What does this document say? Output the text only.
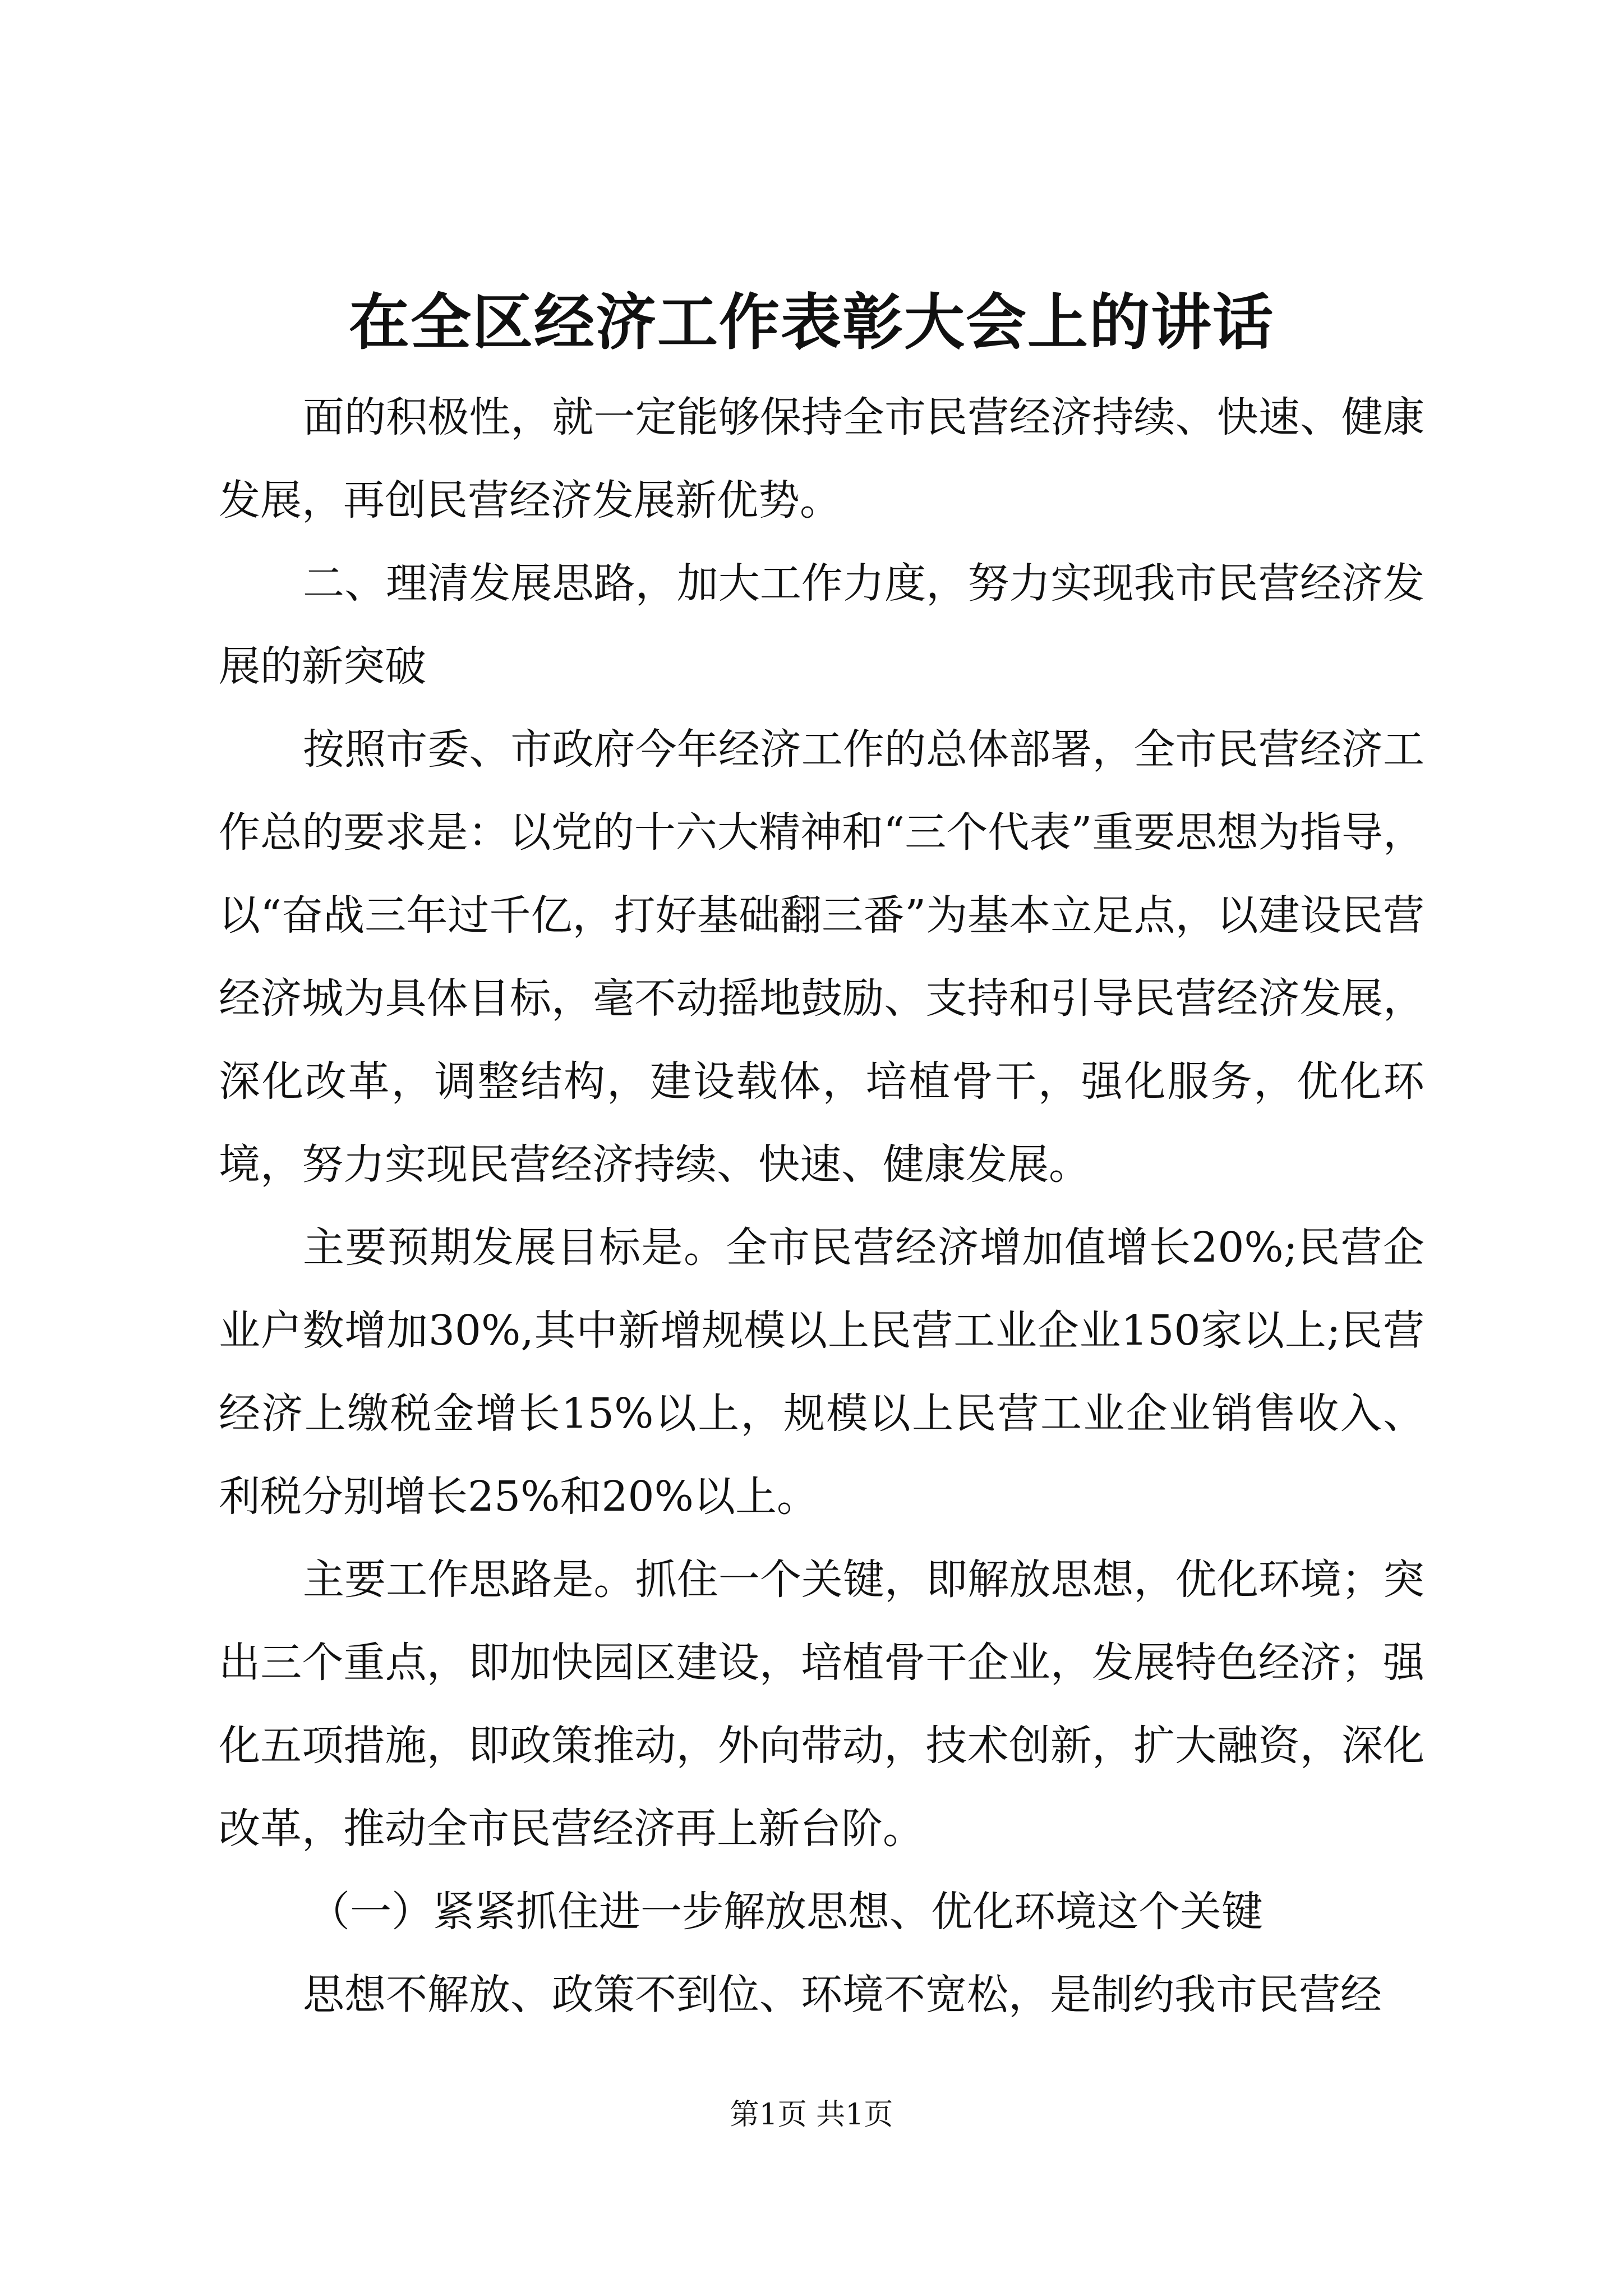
在全区经济工作表彰大会上的讲话

面的积极性，就一定能够保持全市民营经济持续、快速、健康发展，再创民营经济发展新优势。

二、理清发展思路，加大工作力度，努力实现我市民营经济发展的新突破

按照市委、市政府今年经济工作的总体部署，全市民营经济工作总的要求是：以党的十六大精神和“三个代表”重要思想为指导，以“奋战三年过千亿，打好基础翻三番”为基本立足点，以建设民营经济城为具体目标，毫不动摇地鼓励、支持和引导民营经济发展，深化改革，调整结构，建设载体，培植骨干，强化服务，优化环境，努力实现民营经济持续、快速、健康发展。

主要预期发展目标是。全市民营经济增加值增长20%;民营企业户数增加30%,其中新增规模以上民营工业企业150家以上;民营经济上缴税金增长15%以上，规模以上民营工业企业销售收入、利税分别增长25%和20%以上。

主要工作思路是。抓住一个关键，即解放思想，优化环境；突出三个重点，即加快园区建设，培植骨干企业，发展特色经济；强化五项措施，即政策推动，外向带动，技术创新，扩大融资，深化改革，推动全市民营经济再上新台阶。

（一）紧紧抓住进一步解放思想、优化环境这个关键

思想不解放、政策不到位、环境不宽松，是制约我市民营经

第1页 共1页
